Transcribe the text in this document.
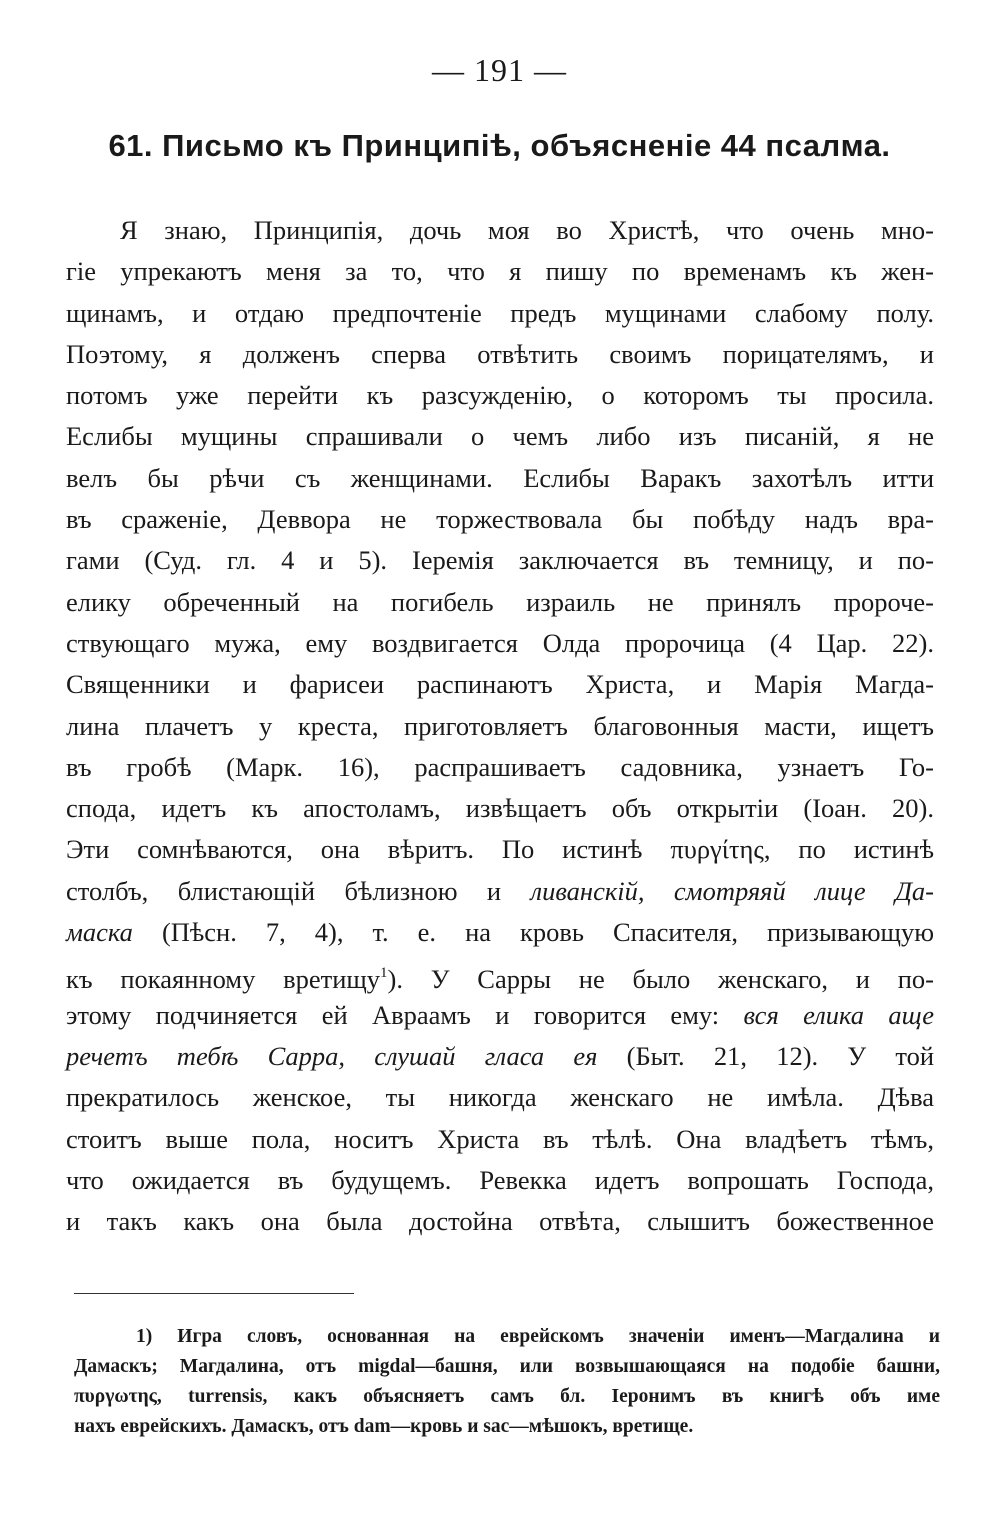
— 191 —
61. Письмо къ Принципіѣ, объясненіе 44 псалма.
Я знаю, Принципія, дочь моя во Христѣ, что очень мно-
гіе упрекаютъ меня за то, что я пишу по временамъ къ жен-
щинамъ, и отдаю предпочтеніе предъ мущинами слабому полу.
Поэтому, я долженъ сперва отвѣтить своимъ порицателямъ, и
потомъ уже перейти къ разсужденію, о которомъ ты просила.
Еслибы мущины спрашивали о чемъ либо изъ писаній, я не
велъ бы рѣчи съ женщинами. Еслибы Варакъ захотѣлъ итти
въ сраженіе, Деввора не торжествовала бы побѣду надъ вра-
гами (Суд. гл. 4 и 5). Іеремія заключается въ темницу, и по-
елику обреченный на погибель израиль не принялъ пророче-
ствующаго мужа, ему воздвигается Олда пророчица (4 Цар. 22).
Священники и фарисеи распинаютъ Христа, и Марія Магда-
лина плачетъ у креста, приготовляетъ благовонныя масти, ищетъ
въ гробѣ (Марк. 16), распрашиваетъ садовника, узнаетъ Го-
спода, идетъ къ апостоламъ, извѣщаетъ объ открытіи (Іоан. 20).
Эти сомнѣваются, она вѣритъ. По истинѣ πυργίτης, по истинѣ
столбъ, блистающій бѣлизною и ливанскій, смотряяй лице Да-
маска (Пѣсн. 7, 4), т. е. на кровь Спасителя, призывающую
къ покаянному вретищу$^1$). У Сарры не было женскаго, и по-
этому подчиняется ей Авраамъ и говорится ему: вся елика аще
речетъ тебѣ Сарра, слушай гласа ея (Быт. 21, 12). У той
прекратилось женское, ты никогда женскаго не имѣла. Дѣва
стоитъ выше пола, носитъ Христа въ тѣлѣ. Она владѣетъ тѣмъ,
что ожидается въ будущемъ. Ревекка идетъ вопрошать Господа,
и такъ какъ она была достойна отвѣта, слышитъ божественное
1) Игра словъ, основанная на еврейскомъ значеніи именъ—Магдалина и
Дамаскъ; Магдалина, отъ migdal—башня, или возвышающаяся на подобіе башни,
πυργωτης, turrensis, какъ объясняетъ самъ бл. Іеронимъ въ книгѣ объ име
нахъ еврейскихъ. Дамаскъ, отъ dam—кровь и sac—мѣшокъ, вретище.
